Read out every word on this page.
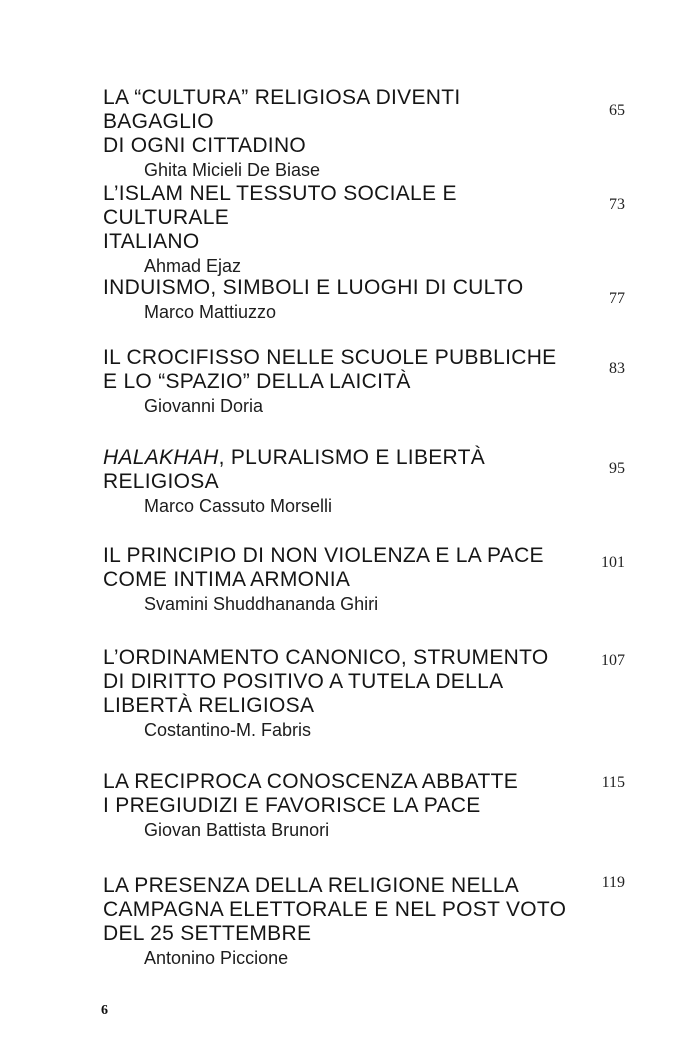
LA “CULTURA” RELIGIOSA DIVENTI BAGAGLIO
DI OGNI CITTADINO
Ghita Micieli De Biase
65
L’ISLAM NEL TESSUTO SOCIALE E CULTURALE
ITALIANO
Ahmad Ejaz
73
INDUISMO, SIMBOLI E LUOGHI DI CULTO
Marco Mattiuzzo
77
IL CROCIFISSO NELLE SCUOLE PUBBLICHE
E LO “SPAZIO” DELLA LAICITÀ
Giovanni Doria
83
HALAKHAH, PLURALISMO E LIBERTÀ
RELIGIOSA
Marco Cassuto Morselli
95
IL PRINCIPIO DI NON VIOLENZA E LA PACE
COME INTIMA ARMONIA
Svamini Shuddhananda Ghiri
101
L’ORDINAMENTO CANONICO, STRUMENTO
DI DIRITTO POSITIVO A TUTELA DELLA
LIBERTÀ RELIGIOSA
Costantino-M. Fabris
107
LA RECIPROCA CONOSCENZA ABBATTE
I PREGIUDIZI E FAVORISCE LA PACE
Giovan Battista Brunori
115
LA PRESENZA DELLA RELIGIONE NELLA
CAMPAGNA ELETTORALE E NEL POST VOTO
DEL 25 SETTEMBRE
Antonino Piccione
119
6
